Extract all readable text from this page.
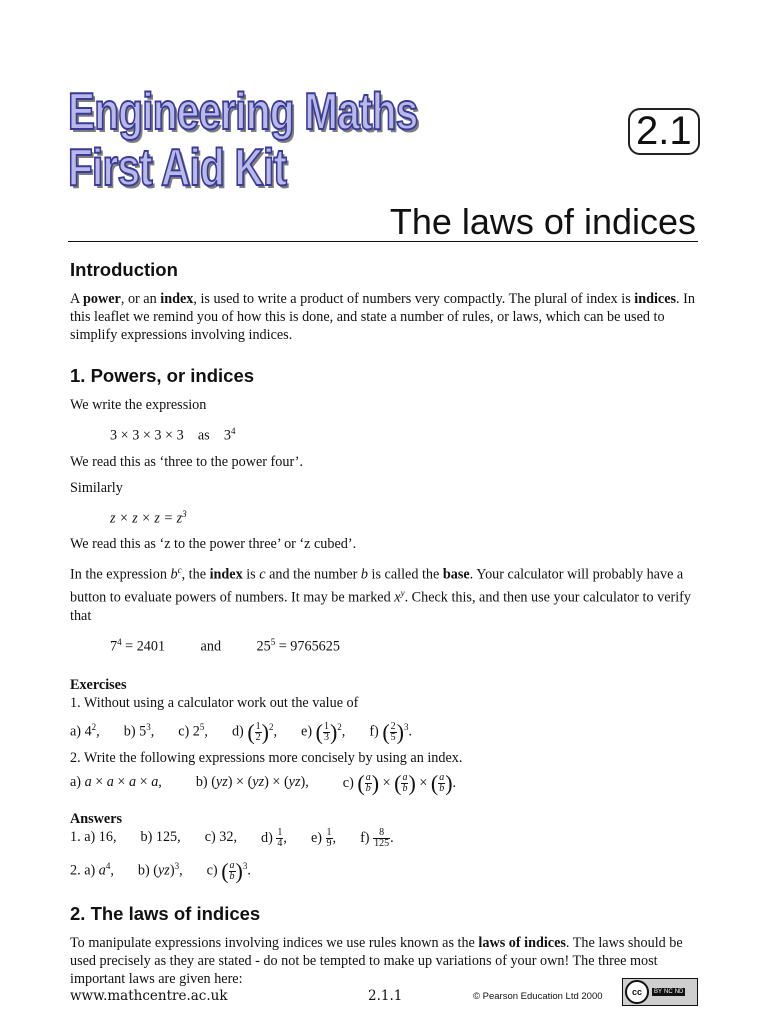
Engineering Maths
First Aid Kit
2.1
The laws of indices
Introduction

A power, or an index, is used to write a product of numbers very compactly. The plural of index is indices. In this leaflet we remind you of how this is done, and state a number of rules, or laws, which can be used to simplify expressions involving indices.

1. Powers, or indices

We write the expression

3 × 3 × 3 × 3 as $3^4$

We read this as ‘three to the power four’.

Similarly

$z \times z \times z = z^3$

We read this as ‘z to the power three’ or ‘z cubed’.

In the expression $b^c$, the index is c and the number b is called the base. Your calculator will probably have a button to evaluate powers of numbers. It may be marked $x^y$. Check this, and then use your calculator to verify that

$7^4 = 2401$ and $25^5 = 9765625$
Exercises

1. Without using a calculator work out the value of

a) $4^2$, b) $5^3$, c) $2^5$, d) ( $\frac{1}{2} )^2$, e) ( $\frac{1}{3} )^2$, f) ( $\frac{2}{5} )^3$.

2. Write the following expressions more concisely by using an index.

a) a × a × a × a, b) (yz) × (yz) × (yz), c) ( $\frac{a}{b}$ ) × ( $\frac{a}{b}$ ) × ( $\frac{a}{b}$ ).
Answers
1. a) 16, b) 125, c) 32, $d) \frac{1}{4}$ , $e) \frac{1}{9}$ , $f) \frac{8}{125}$ .
2. a) $a^4$, b) (yz)$^3$, c) ( $\frac{a}{b} )^3$.
2. The laws of indices

To manipulate expressions involving indices we use rules known as the laws of indices. The laws should be used precisely as they are stated - do not be tempted to make up variations of your own! The three most important laws are given here:

www.mathcentre.ac.uk	2.1.1	© Pearson Education Ltd 2000	cc	BY NC ND
